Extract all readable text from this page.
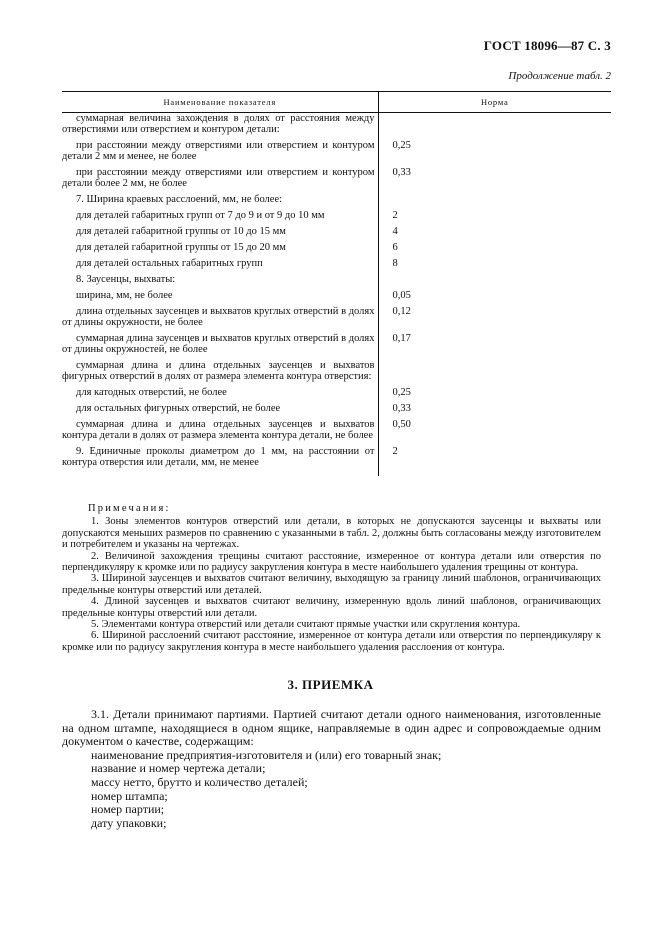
ГОСТ 18096—87 С. 3
Продолжение табл. 2
Наименование показателя	Норма
суммарная величина захождения в долях от расстояния между отверстиями или отверстием и контуром детали:	
при расстоянии между отверстиями или отверстием и контуром детали 2 мм и менее, не более	0,25
при расстоянии между отверстиями или отверстием и контуром детали более 2 мм, не более	0,33
7. Ширина краевых расслоений, мм, не более:	
для деталей габаритных групп от 7 до 9 и от 9 до 10 мм	2
для деталей габаритной группы от 10 до 15 мм	4
для деталей габаритной группы от 15 до 20 мм	6
для деталей остальных габаритных групп	8
8. Заусенцы, выхваты:	
ширина, мм, не более	0,05
длина отдельных заусенцев и выхватов круглых отверстий в долях от длины окружности, не более	0,12
суммарная длина заусенцев и выхватов круглых отверстий в долях от длины окружностей, не более	0,17
суммарная длина и длина отдельных заусенцев и выхватов фигурных отверстий в долях от размера элемента контура отверстия:	
для катодных отверстий, не более	0,25
для остальных фигурных отверстий, не более	0,33
суммарная длина и длина отдельных заусенцев и выхватов контура детали в долях от размера элемента контура детали, не более	0,50
9. Единичные проколы диаметром до 1 мм, на расстоянии от контура отверстия или детали, мм, не менее	2
Примечания:

1. Зоны элементов контуров отверстий или детали, в которых не допускаются заусенцы и выхваты или допускаются меньших размеров по сравнению с указанными в табл. 2, должны быть согласованы между изготовителем и потребителем и указаны на чертежах.

2. Величиной захождения трещины считают расстояние, измеренное от контура детали или отверстия по перпендикуляру к кромке или по радиусу закругления контура в месте наибольшего удаления трещины от контура.

3. Шириной заусенцев и выхватов считают величину, выходящую за границу линий шаблонов, ограничивающих предельные контуры отверстий или деталей.

4. Длиной заусенцев и выхватов считают величину, измеренную вдоль линий шаблонов, ограничивающих предельные контуры отверстий или детали.

5. Элементами контура отверстий или детали считают прямые участки или скругления контура.

6. Шириной расслоений считают расстояние, измеренное от контура детали или отверстия по перпендикуляру к кромке или по радиусу закругления контура в месте наибольшего удаления расслоения от контура.

3. ПРИЕМКА

3.1. Детали принимают партиями. Партией считают детали одного наименования, изготовленные на одном штампе, находящиеся в одном ящике, направляемые в один адрес и сопровождаемые одним документом о качестве, содержащим:

наименование предприятия-изготовителя и (или) его товарный знак;

название и номер чертежа детали;

массу нетто, брутто и количество деталей;

номер штампа;

номер партии;

дату упаковки;
